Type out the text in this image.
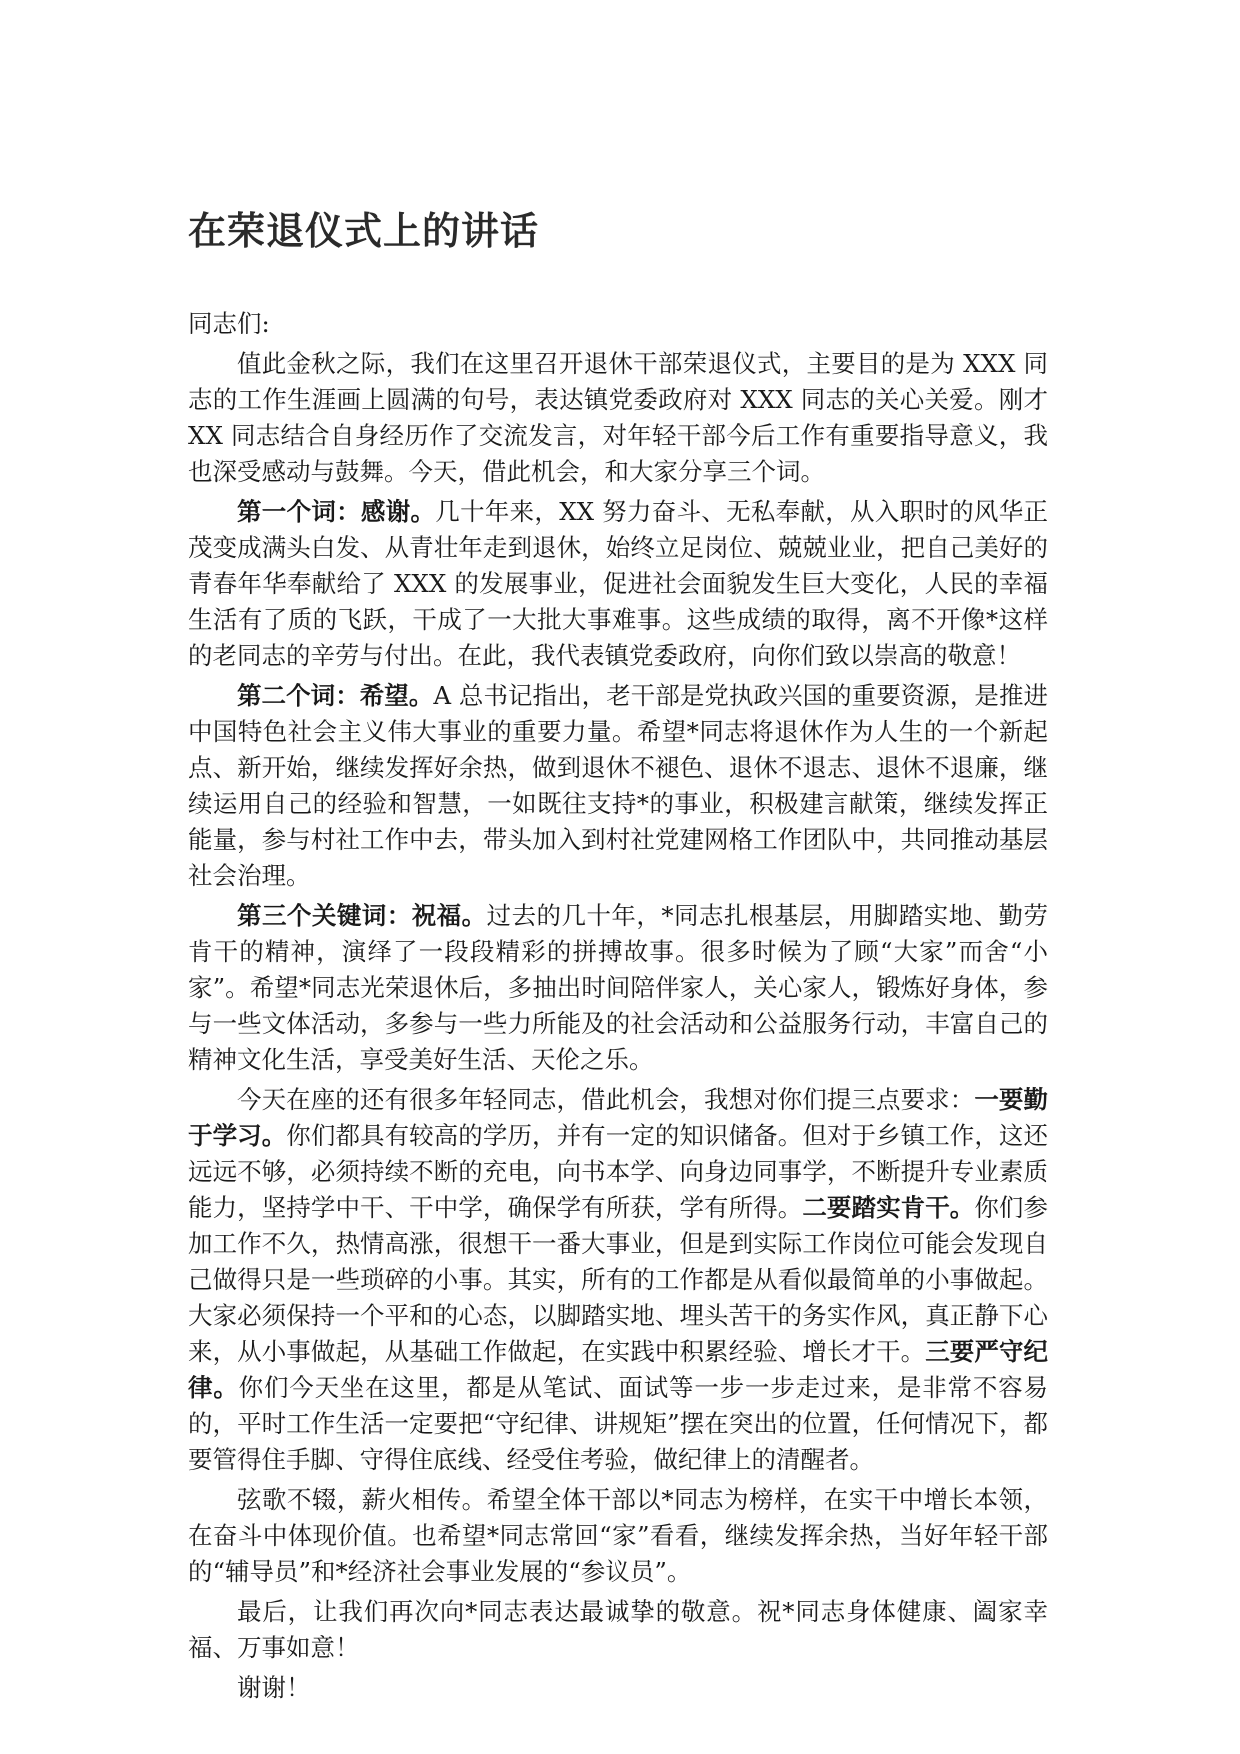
在荣退仪式上的讲话

同志们:

值此金秋之际，我们在这里召开退休干部荣退仪式，主要目的是为 XXX 同志的工作生涯画上圆满的句号，表达镇党委政府对 XXX 同志的关心关爱。刚才 XX 同志结合自身经历作了交流发言，对年轻干部今后工作有重要指导意义，我也深受感动与鼓舞。今天，借此机会，和大家分享三个词。

第一个词：感谢。几十年来，XX 努力奋斗、无私奉献，从入职时的风华正茂变成满头白发、从青壮年走到退休，始终立足岗位、兢兢业业，把自己美好的青春年华奉献给了 XXX 的发展事业，促进社会面貌发生巨大变化，人民的幸福生活有了质的飞跃，干成了一大批大事难事。这些成绩的取得，离不开像*这样的老同志的辛劳与付出。在此，我代表镇党委政府，向你们致以崇高的敬意！

第二个词：希望。A 总书记指出，老干部是党执政兴国的重要资源，是推进中国特色社会主义伟大事业的重要力量。希望*同志将退休作为人生的一个新起点、新开始，继续发挥好余热，做到退休不褪色、退休不退志、退休不退廉，继续运用自己的经验和智慧，一如既往支持*的事业，积极建言献策，继续发挥正能量，参与村社工作中去，带头加入到村社党建网格工作团队中，共同推动基层社会治理。

第三个关键词：祝福。过去的几十年，*同志扎根基层，用脚踏实地、勤劳肯干的精神，演绎了一段段精彩的拼搏故事。很多时候为了顾“大家”而舍“小家”。希望*同志光荣退休后，多抽出时间陪伴家人，关心家人，锻炼好身体，参与一些文体活动，多参与一些力所能及的社会活动和公益服务行动，丰富自己的精神文化生活，享受美好生活、天伦之乐。

今天在座的还有很多年轻同志，借此机会，我想对你们提三点要求：一要勤于学习。你们都具有较高的学历，并有一定的知识储备。但对于乡镇工作，这还远远不够，必须持续不断的充电，向书本学、向身边同事学，不断提升专业素质能力，坚持学中干、干中学，确保学有所获，学有所得。二要踏实肯干。你们参加工作不久，热情高涨，很想干一番大事业，但是到实际工作岗位可能会发现自己做得只是一些琐碎的小事。其实，所有的工作都是从看似最简单的小事做起。大家必须保持一个平和的心态，以脚踏实地、埋头苦干的务实作风，真正静下心来，从小事做起，从基础工作做起，在实践中积累经验、增长才干。三要严守纪律。你们今天坐在这里，都是从笔试、面试等一步一步走过来，是非常不容易的，平时工作生活一定要把“守纪律、讲规矩”摆在突出的位置，任何情况下，都要管得住手脚、守得住底线、经受住考验，做纪律上的清醒者。

弦歌不辍，薪火相传。希望全体干部以*同志为榜样，在实干中增长本领，在奋斗中体现价值。也希望*同志常回“家”看看，继续发挥余热，当好年轻干部的“辅导员”和*经济社会事业发展的“参议员”。

最后，让我们再次向*同志表达最诚挚的敬意。祝*同志身体健康、阖家幸福、万事如意！

谢谢！
